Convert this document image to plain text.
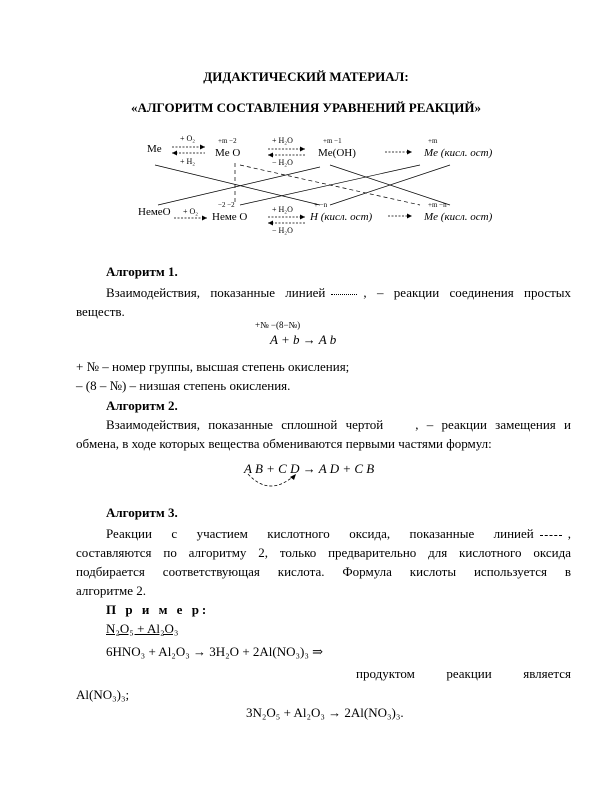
ДИДАКТИЧЕСКИЙ МАТЕРИАЛ:
«АЛГОРИТМ СОСТАВЛЕНИЯ УРАВНЕНИЙ РЕАКЦИЙ»
Me
+ O₂
+ H₂
+m −2
Me O
+ H₂O
− H₂O
+m −1
Me(OH)
+m
Me (кисл. ост)
НемеО + O₂
−2 −2
Hеме O
+ H₂O
− H₂O
+ −n
H (кисл. ост)
+m −n
Me (кисл. ост)
Алгоритм 1.
Взаимодействия, показанные линией	, – реакции соединения простых
веществ.
+№ −(8−№)
A + b → A b
+ № – номер группы, высшая степень окисления;
– (8 – №) – низшая степень окисления.
Алгоритм 2.
Взаимодействия, показанные сплошной чертой , – реакции замещения и
обмена, в ходе которых вещества обмениваются первыми частями формул:
A B + C D → A D + C B
Алгоритм 3.
Реакции с участием кислотного оксида, показанные линией	,
составляются по алгоритму 2, только предварительно для кислотного оксида
подбирается соответствующая кислота. Формула кислоты используется в
алгоритме 2.
П р и м е р:
N₂O₅ + Al₂O₃
6HNO₃ + Al₂O₃ → 3H₂O + 2Al(NO₃)₃ ⇒
продуктом реакции является
Al(NO₃)₃;
3N₂O₅ + Al₂O₃ → 2Al(NO₃)₃.
